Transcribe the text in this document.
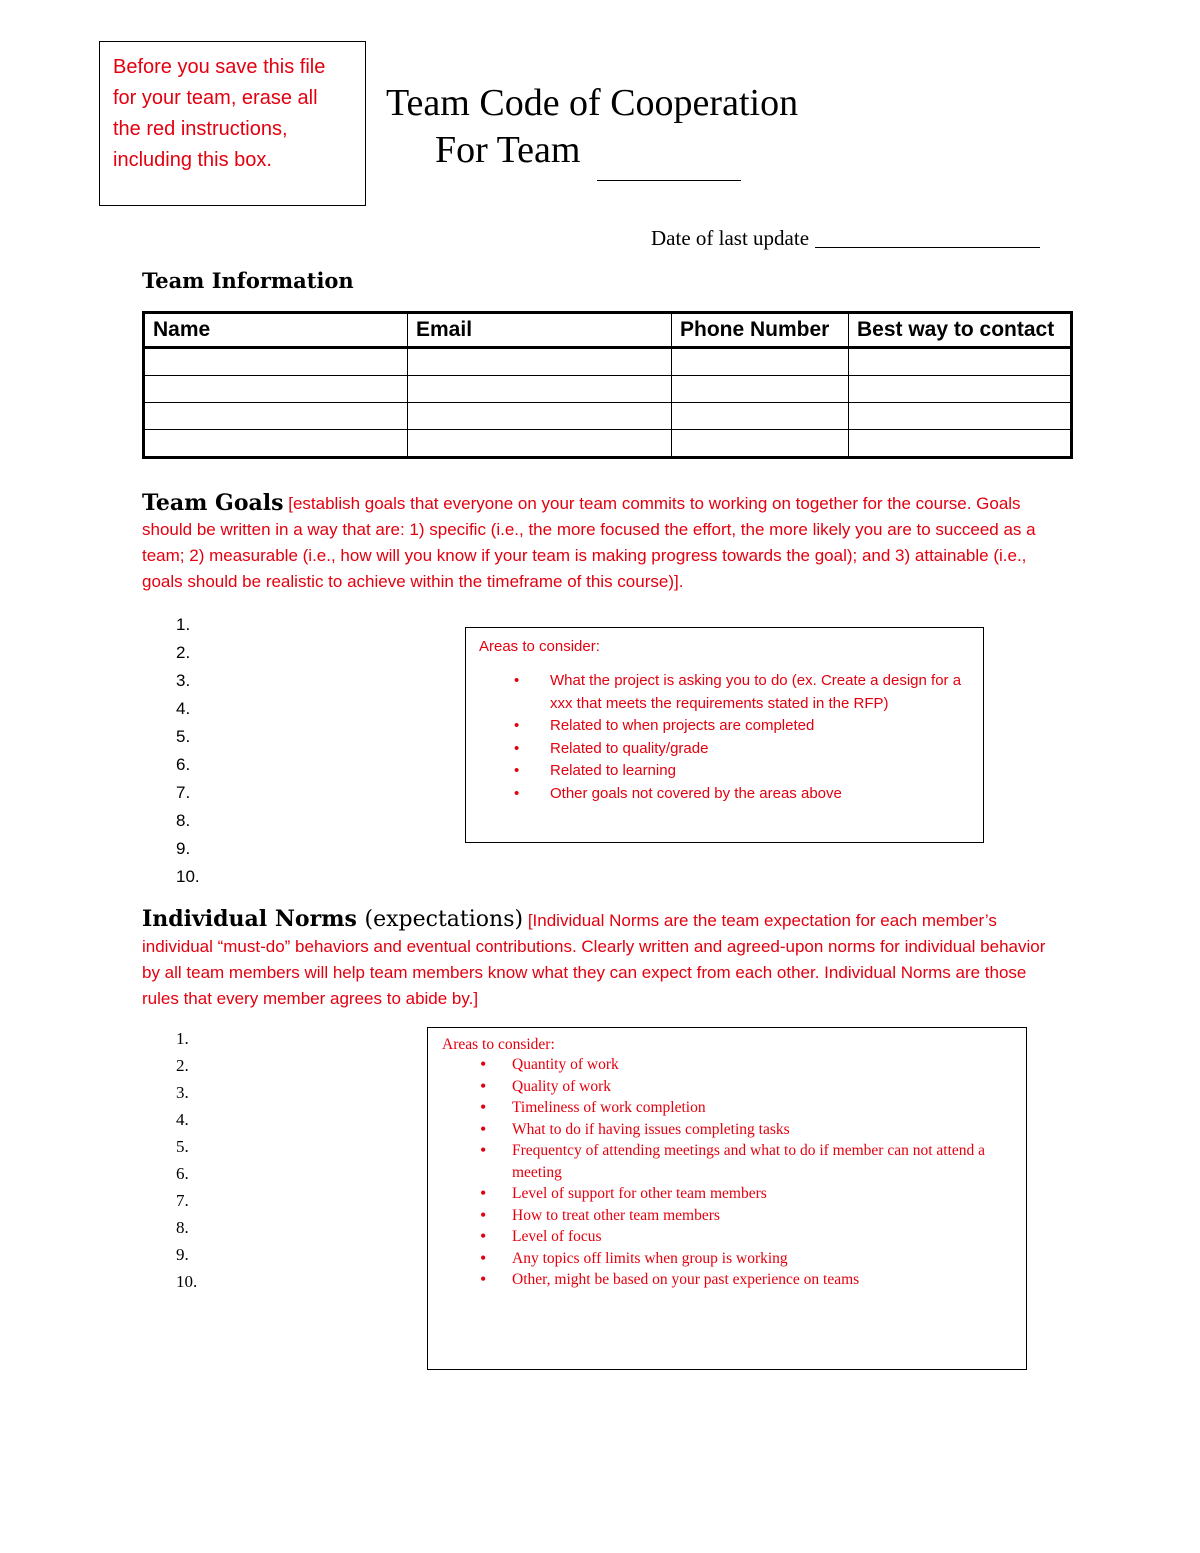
Before you save this file
for your team, erase all
the red instructions,
including this box.
Team Code of Cooperation
For Team
Date of last update
Team Information
Name	Email	Phone Number	Best way to contact

Team Goals [establish goals that everyone on your team commits to working on together for the course. Goals should be written in a way that are: 1) specific (i.e., the more focused the effort, the more likely you are to succeed as a team; 2) measurable (i.e., how will you know if your team is making progress towards the goal); and 3) attainable (i.e., goals should be realistic to achieve within the timeframe of this course)].
1.
2.
3.
4.
5.
6.
7.
8.
9.
10.
Areas to consider:
• What the project is asking you to do (ex. Create a design for a xxx that meets the requirements stated in the RFP)
• Related to when projects are completed
• Related to quality/grade
• Related to learning
• Other goals not covered by the areas above
Individual Norms (expectations) [Individual Norms are the team expectation for each member’s individual “must-do” behaviors and eventual contributions. Clearly written and agreed-upon norms for individual behavior by all team members will help team members know what they can expect from each other. Individual Norms are those rules that every member agrees to abide by.]
1.
2.
3.
4.
5.
6.
7.
8.
9.
10.
Areas to consider:
• Quantity of work
• Quality of work
• Timeliness of work completion
• What to do if having issues completing tasks
• Frequentcy of attending meetings and what to do if member can not attend a meeting
• Level of support for other team members
• How to treat other team members
• Level of focus
• Any topics off limits when group is working
• Other, might be based on your past experience on teams
